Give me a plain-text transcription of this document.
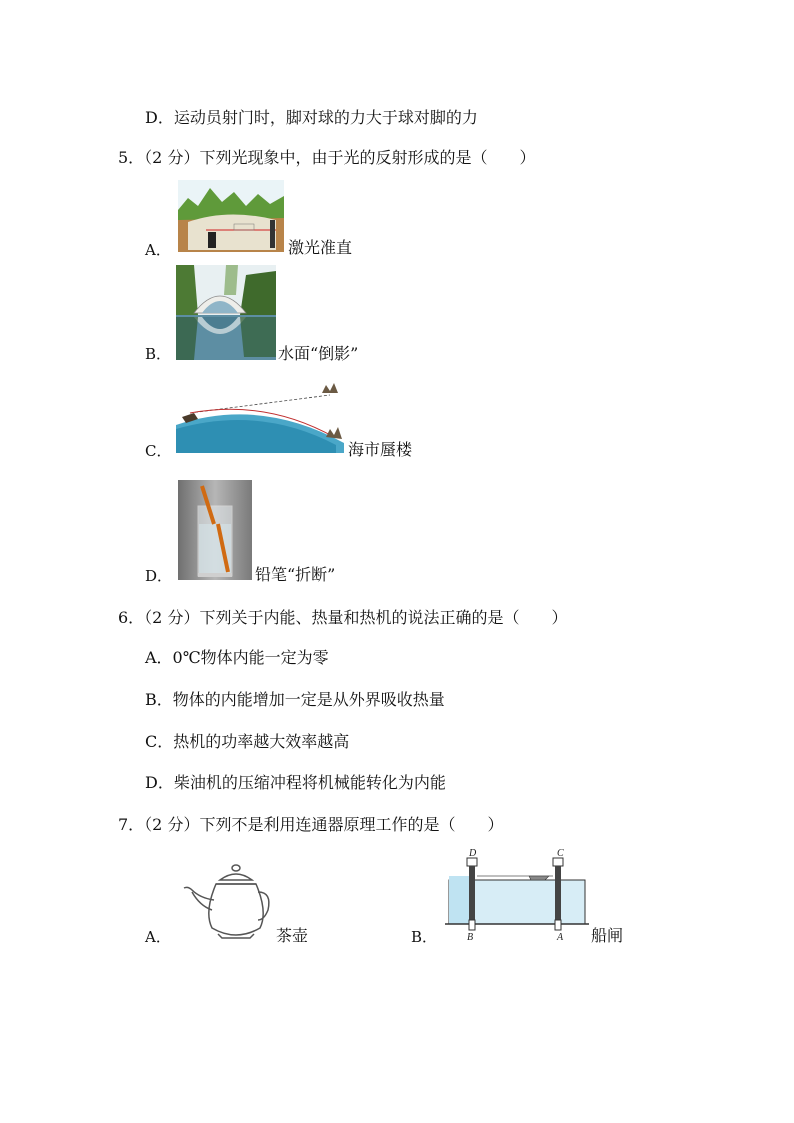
D．运动员射门时，脚对球的力大于球对脚的力
5．（2 分）下列光现象中，由于光的反射形成的是（　　）
A．	激光准直
B．	水面“倒影”
C．	海市蜃楼
D．	铅笔“折断”
6．（2 分）下列关于内能、热量和热机的说法正确的是（　　）
A．0℃物体内能一定为零
B．物体的内能增加一定是从外界吸收热量
C．热机的功率越大效率越高
D．柴油机的压缩冲程将机械能转化为内能
7．（2 分）下列不是利用连通器原理工作的是（　　）
A．	茶壶	B．
D	C
B	A 船闸
